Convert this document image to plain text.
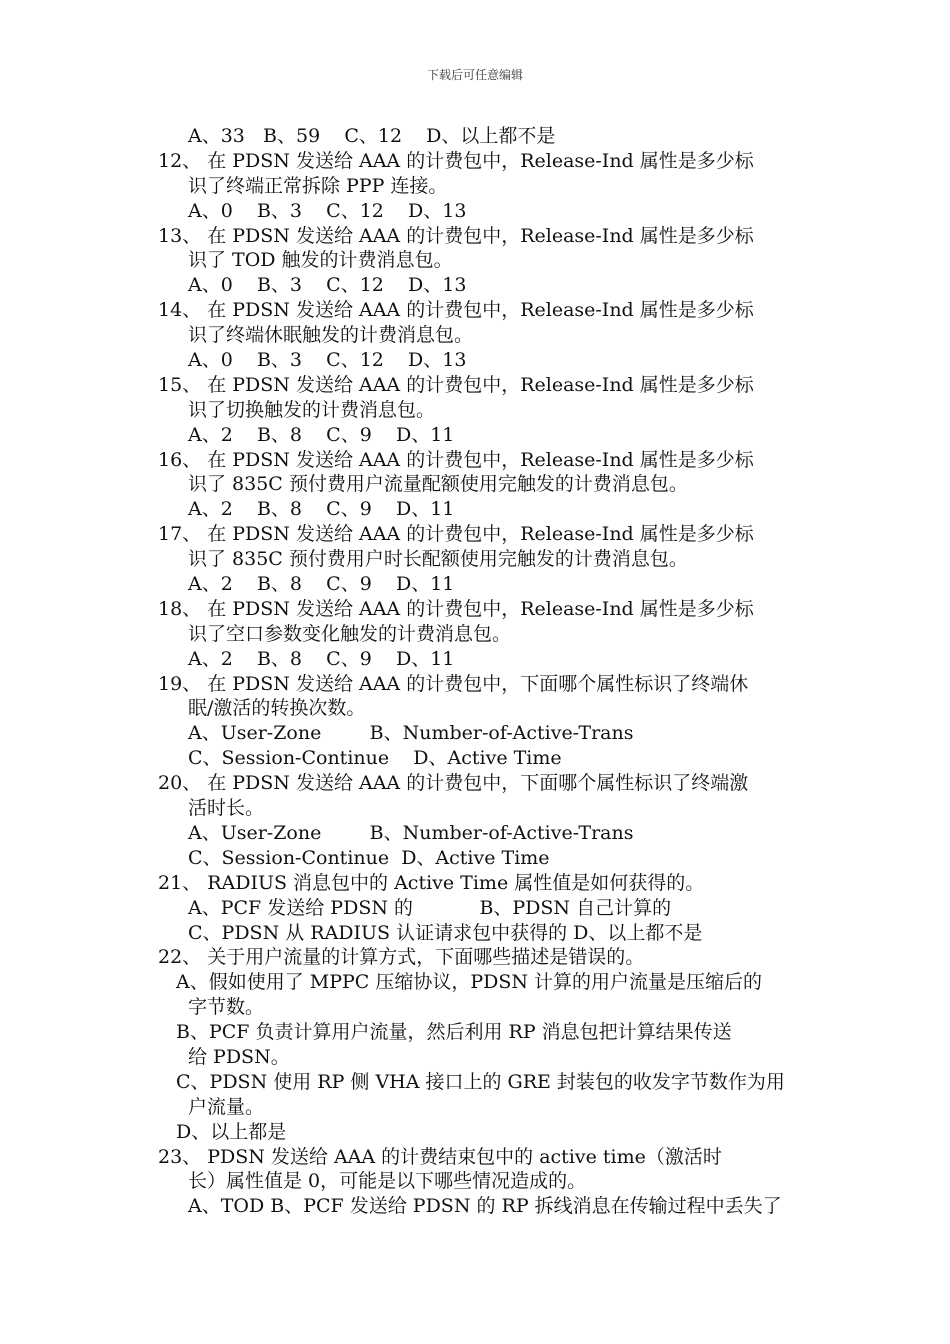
下载后可任意编辑
A、33   B、59    C、12    D、以上都不是
12、 在 PDSN 发送给 AAA 的计费包中，Release-Ind 属性是多少标
识了终端正常拆除 PPP 连接。
A、0    B、3    C、12    D、13
13、 在 PDSN 发送给 AAA 的计费包中，Release-Ind 属性是多少标
识了 TOD 触发的计费消息包。
A、0    B、3    C、12    D、13
14、 在 PDSN 发送给 AAA 的计费包中，Release-Ind 属性是多少标
识了终端休眠触发的计费消息包。
A、0    B、3    C、12    D、13
15、 在 PDSN 发送给 AAA 的计费包中，Release-Ind 属性是多少标
识了切换触发的计费消息包。
A、2    B、8    C、9    D、11
16、 在 PDSN 发送给 AAA 的计费包中，Release-Ind 属性是多少标
识了 835C 预付费用户流量配额使用完触发的计费消息包。
A、2    B、8    C、9    D、11
17、 在 PDSN 发送给 AAA 的计费包中，Release-Ind 属性是多少标
识了 835C 预付费用户时长配额使用完触发的计费消息包。
A、2    B、8    C、9    D、11
18、 在 PDSN 发送给 AAA 的计费包中，Release-Ind 属性是多少标
识了空口参数变化触发的计费消息包。
A、2    B、8    C、9    D、11
19、 在 PDSN 发送给 AAA 的计费包中，下面哪个属性标识了终端休
眠/激活的转换次数。
A、User-Zone        B、Number-of-Active-Trans
C、Session-Continue    D、Active Time
20、 在 PDSN 发送给 AAA 的计费包中，下面哪个属性标识了终端激
活时长。
A、User-Zone        B、Number-of-Active-Trans
C、Session-Continue  D、Active Time
21、 RADIUS 消息包中的 Active Time 属性值是如何获得的。
A、PCF 发送给 PDSN 的           B、PDSN 自己计算的
C、PDSN 从 RADIUS 认证请求包中获得的 D、以上都不是
22、 关于用户流量的计算方式，下面哪些描述是错误的。
A、假如使用了 MPPC 压缩协议，PDSN 计算的用户流量是压缩后的
字节数。
B、PCF 负责计算用户流量，然后利用 RP 消息包把计算结果传送
给 PDSN。
C、PDSN 使用 RP 侧 VHA 接口上的 GRE 封装包的收发字节数作为用
户流量。
D、以上都是
23、 PDSN 发送给 AAA 的计费结束包中的 active time（激活时
长）属性值是 0，可能是以下哪些情况造成的。
A、TOD B、PCF 发送给 PDSN 的 RP 拆线消息在传输过程中丢失了
